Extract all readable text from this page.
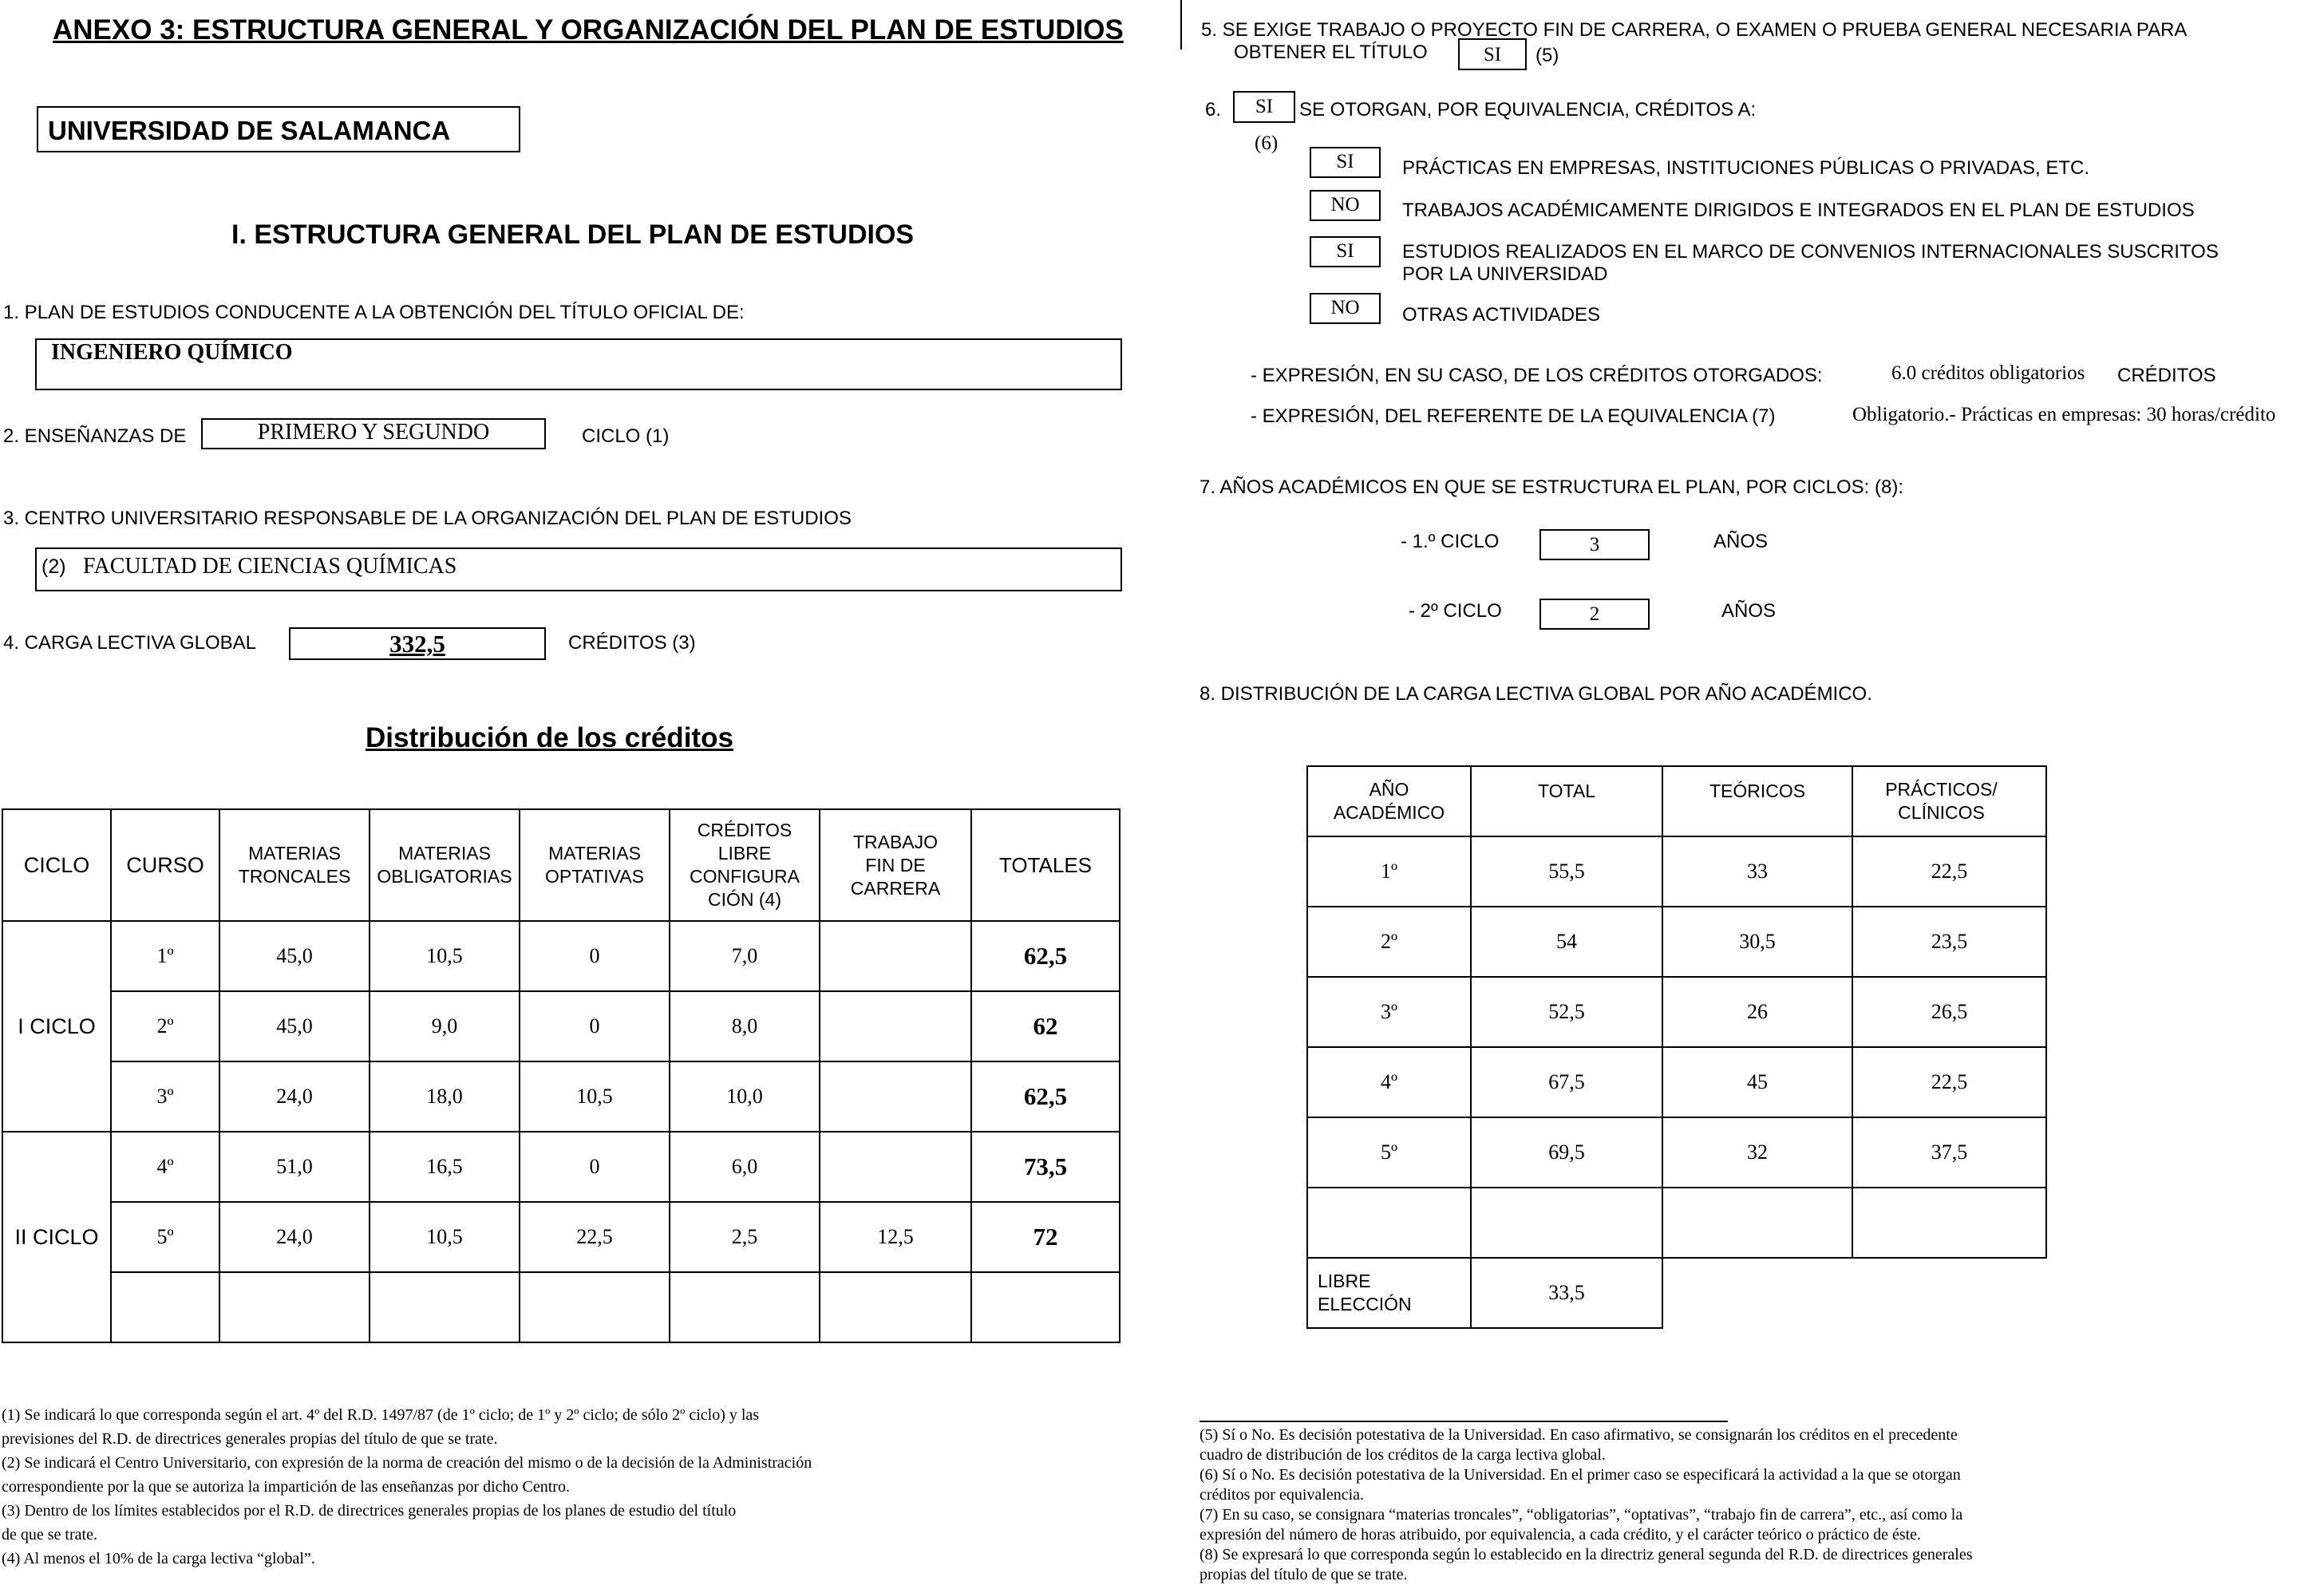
ANEXO 3: ESTRUCTURA GENERAL Y ORGANIZACIÓN DEL PLAN DE ESTUDIOS
UNIVERSIDAD DE SALAMANCA
I. ESTRUCTURA GENERAL DEL PLAN DE ESTUDIOS
1. PLAN DE ESTUDIOS CONDUCENTE A LA OBTENCIÓN DEL TÍTULO OFICIAL DE:
INGENIERO QUÍMICO
2. ENSEÑANZAS DE	PRIMERO Y SEGUNDO	CICLO (1)
3. CENTRO UNIVERSITARIO RESPONSABLE DE LA ORGANIZACIÓN DEL PLAN DE ESTUDIOS
(2) FACULTAD DE CIENCIAS QUÍMICAS
4. CARGA LECTIVA GLOBAL	332,5	CRÉDITOS (3)
Distribución de los créditos
CICLO	CURSO	MATERIAS TRONCALES	MATERIAS OBLIGATORIAS	MATERIAS OPTATIVAS	CRÉDITOS LIBRE CONFIGURA CIÓN (4)	TRABAJO FIN DE CARRERA	TOTALES
I CICLO	1º	45,0	10,5	0	7,0		62,5
	2º	45,0	9,0	0	8,0		62
	3º	24,0	18,0	10,5	10,0		62,5
II CICLO	4º	51,0	16,5	0	6,0		73,5
	5º	24,0	10,5	22,5	2,5	12,5	72

(1) Se indicará lo que corresponda según el art. 4º del R.D. 1497/87 (de 1º ciclo; de 1º y 2º ciclo; de sólo 2º ciclo) y las
previsiones del R.D. de directrices generales propias del título de que se trate.
(2) Se indicará el Centro Universitario, con expresión de la norma de creación del mismo o de la decisión de la Administración
correspondiente por la que se autoriza la impartición de las enseñanzas por dicho Centro.
(3) Dentro de los límites establecidos por el R.D. de directrices generales propias de los planes de estudio del título
de que se trate.
(4) Al menos el 10% de la carga lectiva “global”.
5. SE EXIGE TRABAJO O PROYECTO FIN DE CARRERA, O EXAMEN O PRUEBA GENERAL NECESARIA PARA
OBTENER EL TÍTULO	SI	(5)
6.	SI	SE OTORGAN, POR EQUIVALENCIA, CRÉDITOS A:
(6)
SI	PRÁCTICAS EN EMPRESAS, INSTITUCIONES PÚBLICAS O PRIVADAS, ETC.
NO	TRABAJOS ACADÉMICAMENTE DIRIGIDOS E INTEGRADOS EN EL PLAN DE ESTUDIOS
SI	ESTUDIOS REALIZADOS EN EL MARCO DE CONVENIOS INTERNACIONALES SUSCRITOS
POR LA UNIVERSIDAD
NO	OTRAS ACTIVIDADES
- EXPRESIÓN, EN SU CASO, DE LOS CRÉDITOS OTORGADOS:	6.0 créditos obligatorios CRÉDITOS
- EXPRESIÓN, DEL REFERENTE DE LA EQUIVALENCIA (7)	Obligatorio.- Prácticas en empresas: 30 horas/crédito
7. AÑOS ACADÉMICOS EN QUE SE ESTRUCTURA EL PLAN, POR CICLOS: (8):
- 1.º CICLO	3	AÑOS
- 2º CICLO	2	AÑOS
8. DISTRIBUCIÓN DE LA CARGA LECTIVA GLOBAL POR AÑO ACADÉMICO.
AÑO ACADÉMICO	TOTAL	TEÓRICOS	PRÁCTICOS/ CLÍNICOS
1º	55,5	33	22,5
2º	54	30,5	23,5
3º	52,5	26	26,5
4º	67,5	45	22,5
5º	69,5	32	37,5

LIBRE
ELECCIÓN	33,5		
(5) Sí o No. Es decisión potestativa de la Universidad. En caso afirmativo, se consignarán los créditos en el precedente
cuadro de distribución de los créditos de la carga lectiva global.
(6) Sí o No. Es decisión potestativa de la Universidad. En el primer caso se especificará la actividad a la que se otorgan
créditos por equivalencia.
(7) En su caso, se consignara “materias troncales”, “obligatorias”, “optativas”, “trabajo fin de carrera”, etc., así como la
expresión del número de horas atribuido, por equivalencia, a cada crédito, y el carácter teórico o práctico de éste.
(8) Se expresará lo que corresponda según lo establecido en la directriz general segunda del R.D. de directrices generales
propias del título de que se trate.
